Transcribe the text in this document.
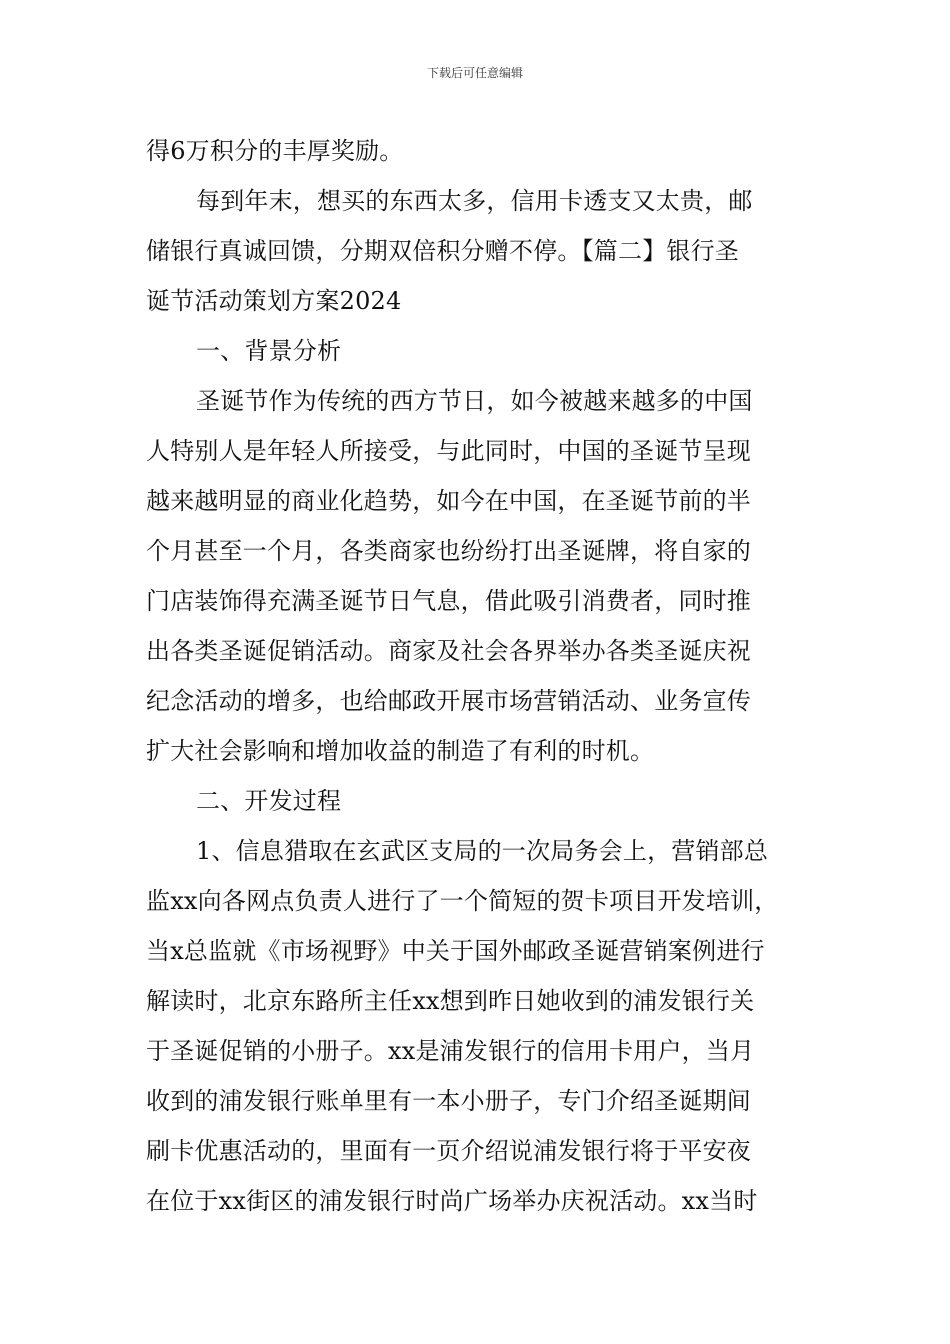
下载后可任意编辑
得6万积分的丰厚奖励。
每到年末，想买的东西太多，信用卡透支又太贵，邮
储银行真诚回馈，分期双倍积分赠不停。【篇二】银行圣
诞节活动策划方案2024
一、背景分析
圣诞节作为传统的西方节日，如今被越来越多的中国
人特别人是年轻人所接受，与此同时，中国的圣诞节呈现
越来越明显的商业化趋势，如今在中国，在圣诞节前的半
个月甚至一个月，各类商家也纷纷打出圣诞牌，将自家的
门店装饰得充满圣诞节日气息，借此吸引消费者，同时推
出各类圣诞促销活动。商家及社会各界举办各类圣诞庆祝
纪念活动的增多，也给邮政开展市场营销活动、业务宣传
扩大社会影响和增加收益的制造了有利的时机。
二、开发过程
1、信息猎取在玄武区支局的一次局务会上，营销部总
监xx向各网点负责人进行了一个简短的贺卡项目开发培训，
当x总监就《市场视野》中关于国外邮政圣诞营销案例进行
解读时，北京东路所主任xx想到昨日她收到的浦发银行关
于圣诞促销的小册子。xx是浦发银行的信用卡用户，当月
收到的浦发银行账单里有一本小册子，专门介绍圣诞期间
刷卡优惠活动的，里面有一页介绍说浦发银行将于平安夜
在位于xx街区的浦发银行时尚广场举办庆祝活动。xx当时
